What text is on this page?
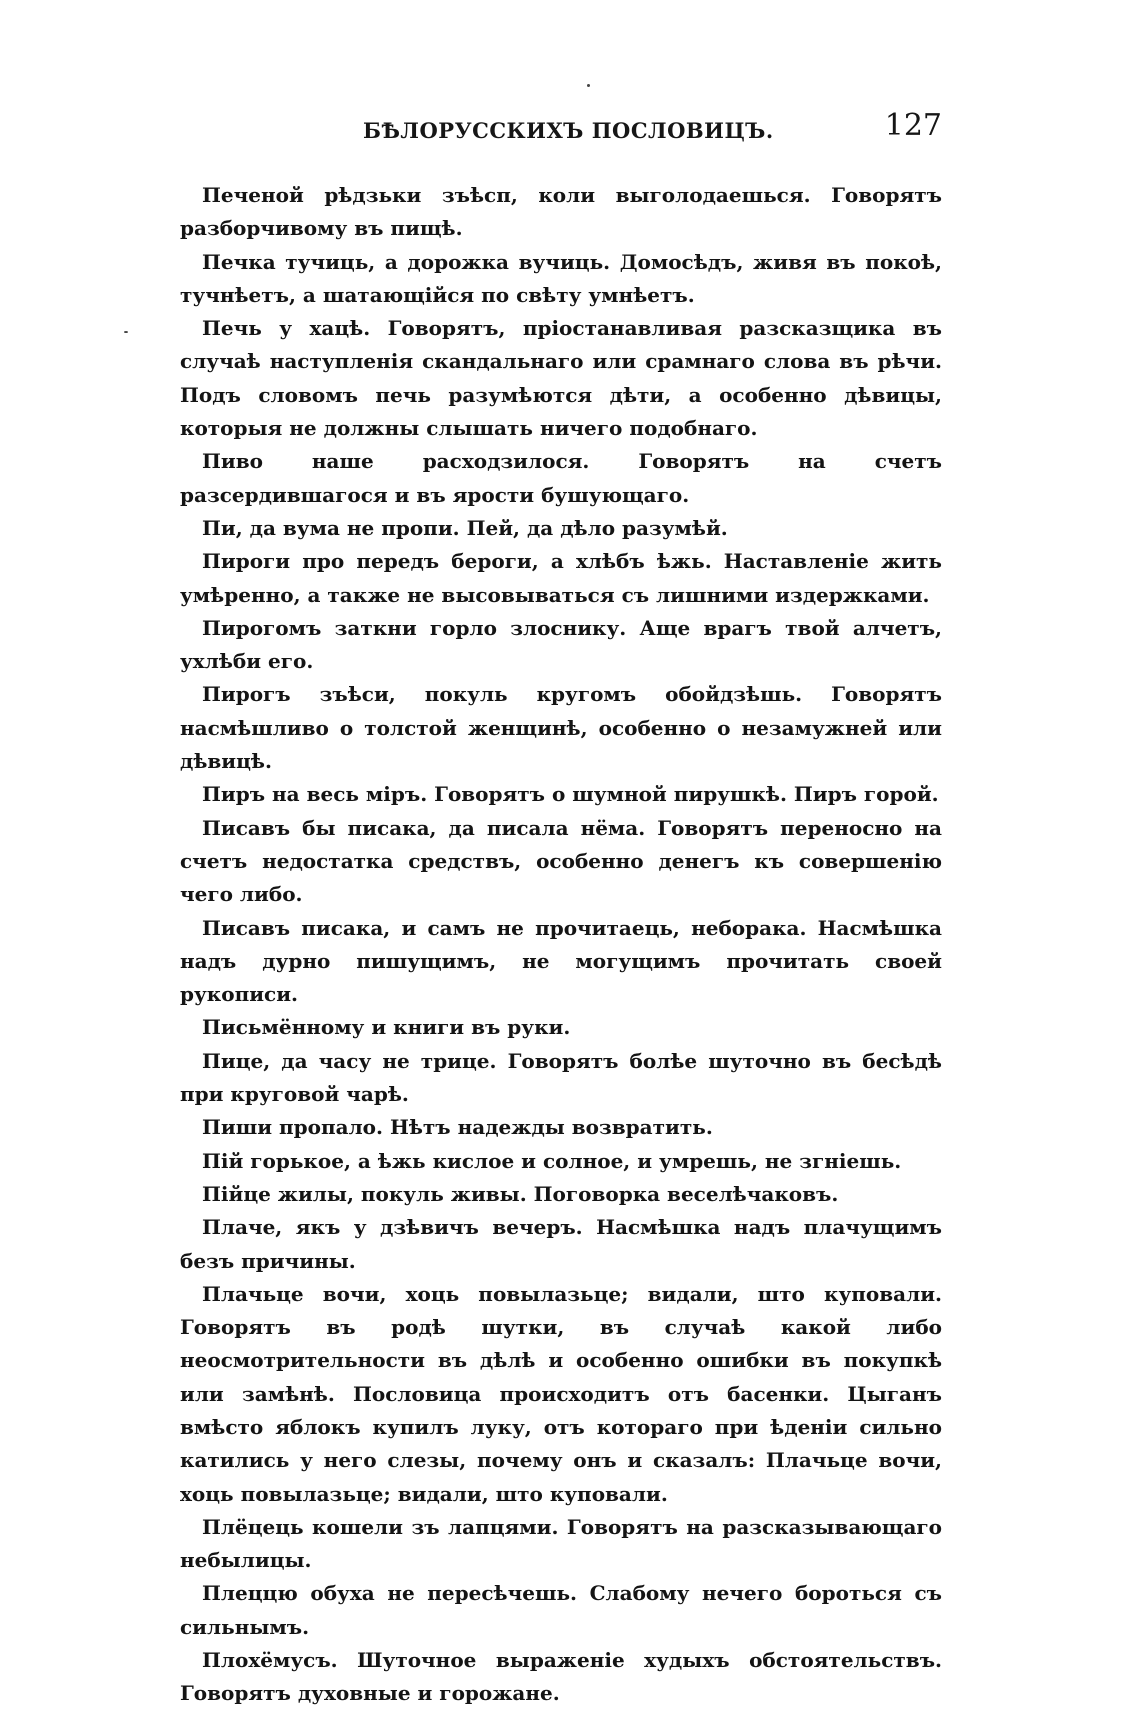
БѢЛОРУССКИХЪ ПОСЛОВИЦЪ.	127

Печеной рѣдзьки зъѣсп, коли выголодаешься. Говорятъ разборчивому въ пищѣ.

Печка тучиць, а дорожка вучиць. Домосѣдъ, живя въ покоѣ, тучнѣетъ, а шатающійся по свѣту умнѣетъ.

Печь у хацѣ. Говорятъ, пріостанавливая разсказщика въ случаѣ наступленія скандальнаго или срамнаго слова въ рѣчи. Подъ словомъ печь разумѣются дѣти, а особенно дѣвицы, которыя не должны слышать ничего подобнаго.

Пиво наше расходзилося. Говорятъ на счетъ разсердившагося и въ ярости бушующаго.

Пи, да вума не пропи. Пей, да дѣло разумѣй.

Пироги про передъ бероги, а хлѣбъ ѣжь. Наставленіе жить умѣренно, а также не высовываться съ лишними издержками.

Пирогомъ заткни горло злоснику. Аще врагъ твой алчетъ, ухлѣби его.

Пирогъ зъѣси, покуль кругомъ обойдзѣшь. Говорятъ насмѣшливо о толстой женщинѣ, особенно о незамужней или дѣвицѣ.

Пиръ на весь міръ. Говорятъ о шумной пирушкѣ. Пиръ горой.

Писавъ бы писака, да писала нёма. Говорятъ переносно на счетъ недостатка средствъ, особенно денегъ къ совершенію чего либо.

Писавъ писака, и самъ не прочитаець, неборака. Насмѣшка надъ дурно пишущимъ, не могущимъ прочитать своей рукописи.

Письмённому и книги въ руки.

Пице, да часу не трице. Говорятъ болѣе шуточно въ бесѣдѣ при круговой чарѣ.

Пиши пропало. Нѣтъ надежды возвратить.

Пій горькое, а ѣжь кислое и солное, и умрешь, не згніешь.

Пійце жилы, покуль живы. Поговорка веселѣчаковъ.

Плаче, якъ у дзѣвичъ вечеръ. Насмѣшка надъ плачущимъ безъ причины.

Плачьце вочи, хоць повылазьце; видали, што куповали. Говорятъ въ родѣ шутки, въ случаѣ какой либо неосмотрительности въ дѣлѣ и особенно ошибки въ покупкѣ или замѣнѣ. Пословица происходитъ отъ басенки. Цыганъ вмѣсто яблокъ купилъ луку, отъ котораго при ѣденіи сильно катились у него слезы, почему онъ и сказалъ: Плачьце вочи, хоць повылазьце; видали, што куповали.

Плёцець кошели зъ лапцями. Говорятъ на разсказывающаго небылицы.

Плеццю обуха не пересѣчешь. Слабому нечего бороться съ сильнымъ.

Плохёмусъ. Шуточное выраженіе худыхъ обстоятельствъ. Говорятъ духовные и горожане.
